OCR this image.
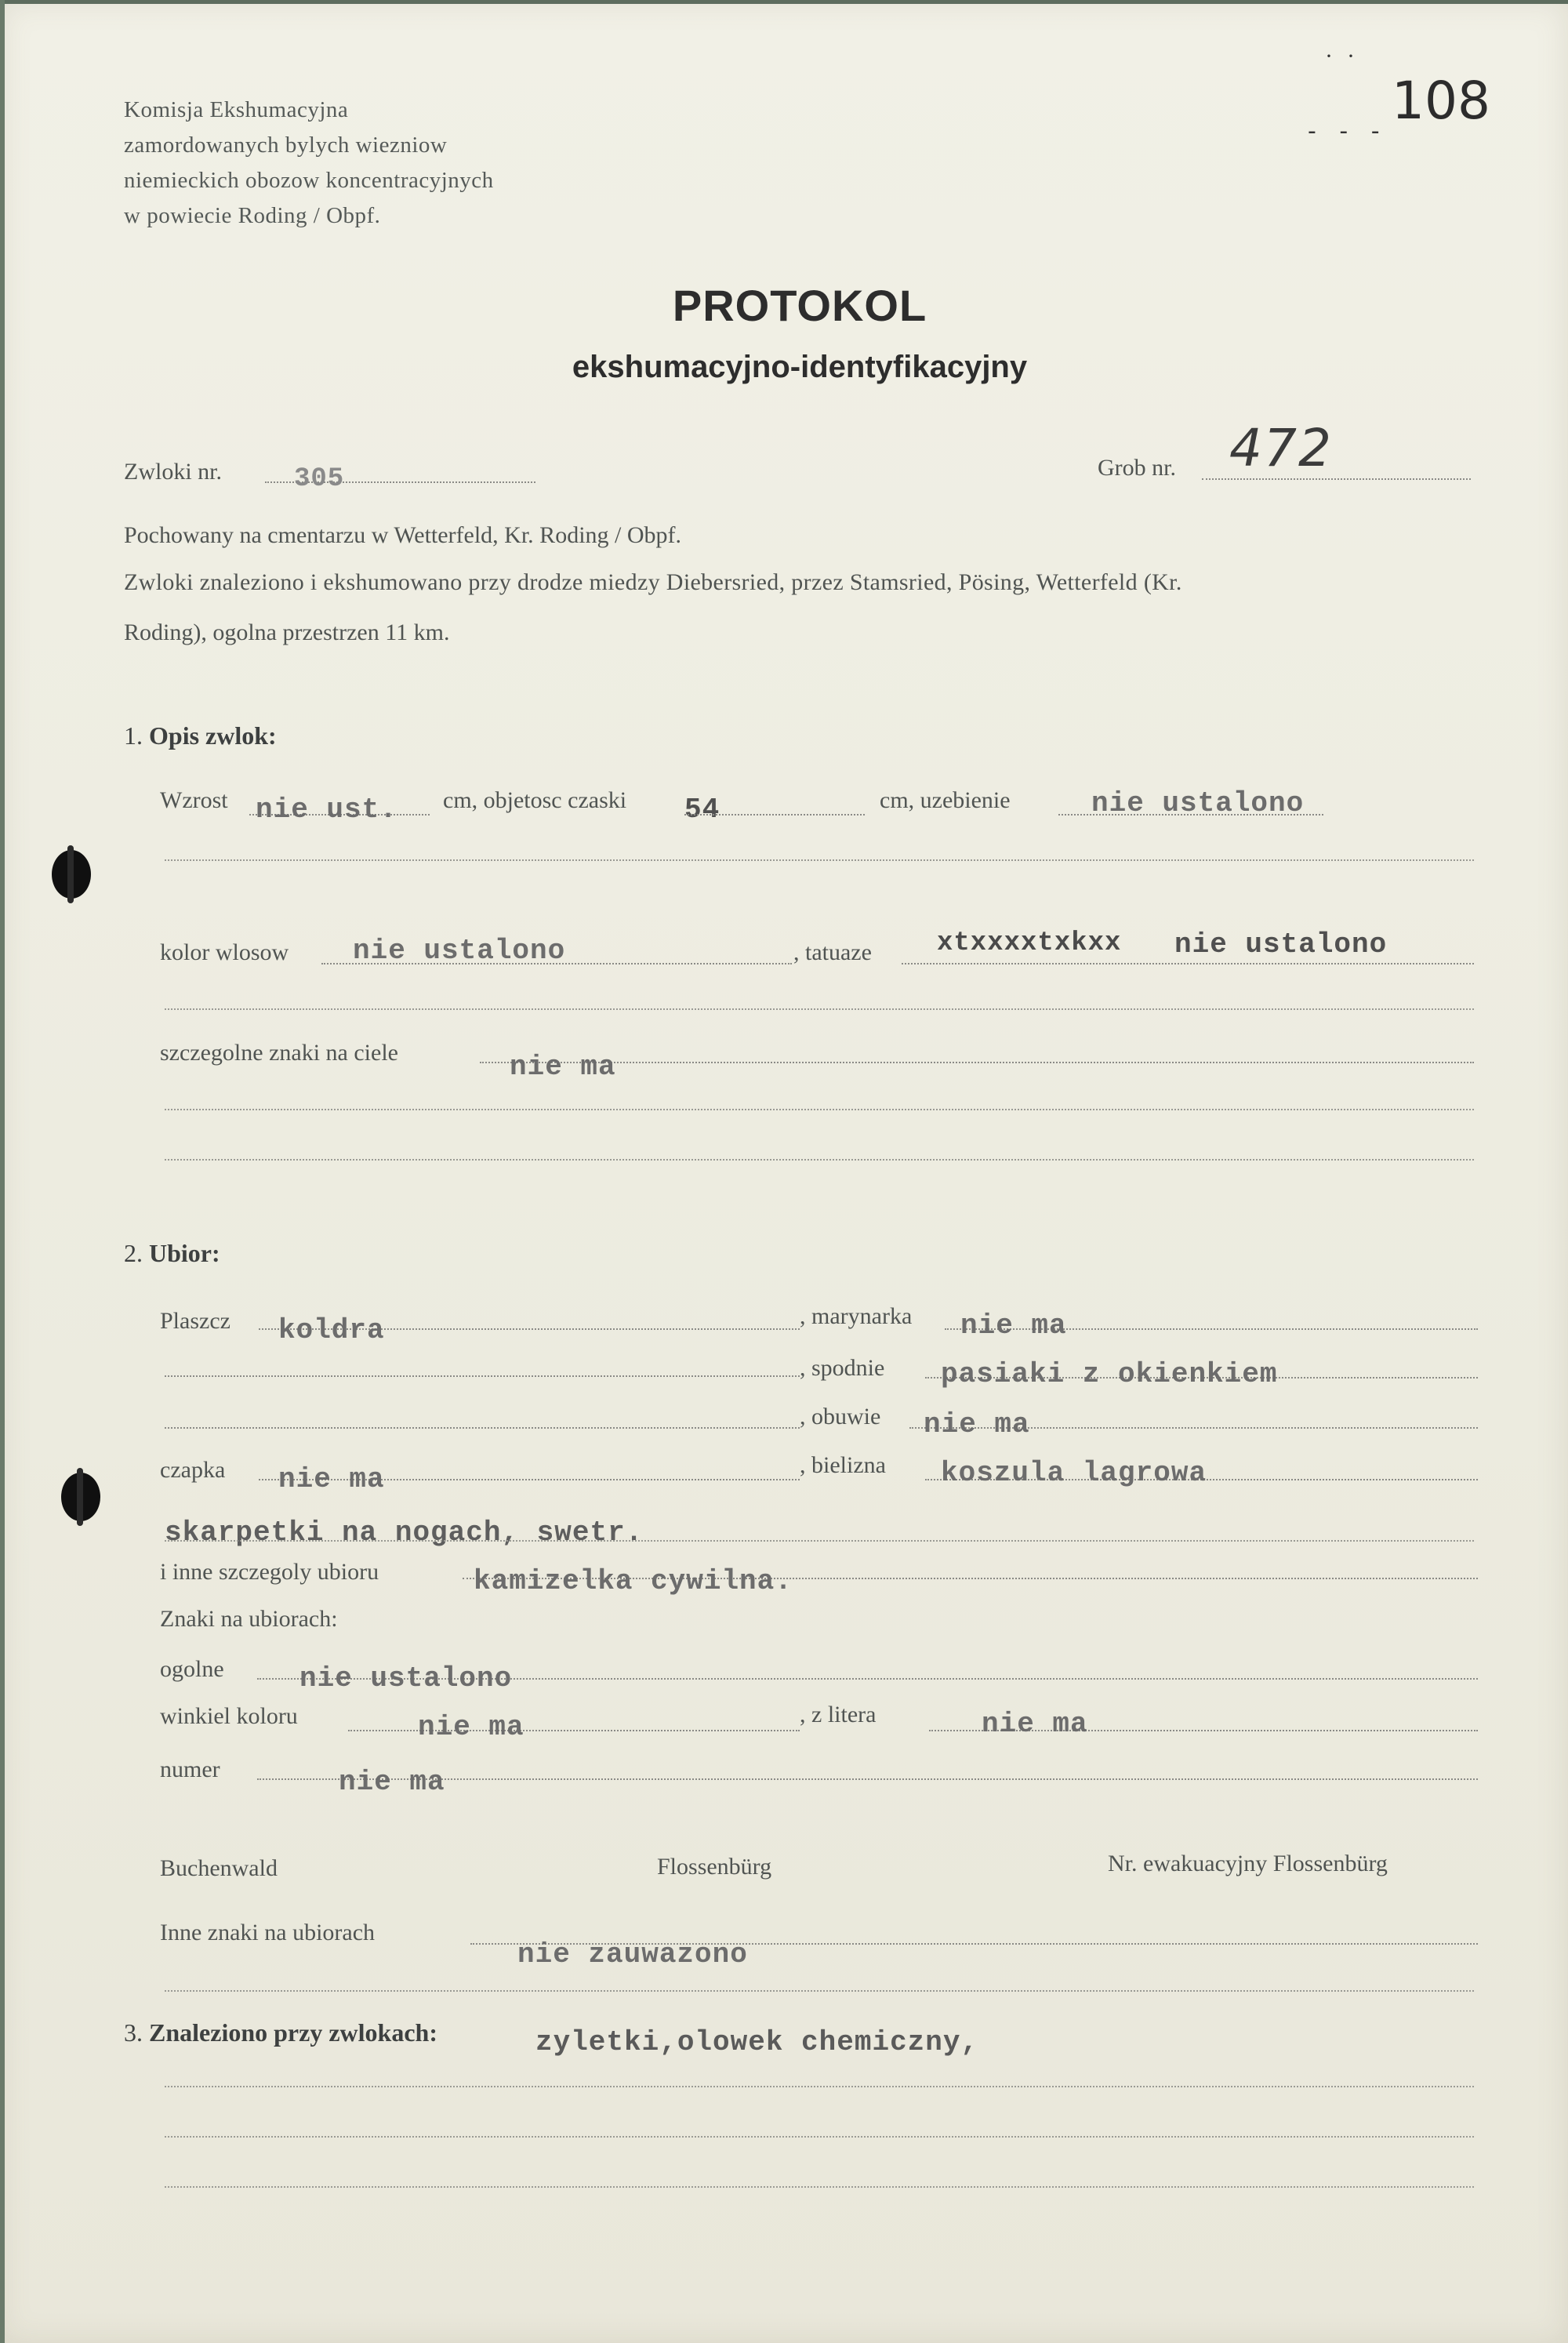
Komisja Ekshumacyjna
zamordowanych bylych wiezniow
niemieckich obozow koncentracyjnych
w powiecie Roding / Obpf.
··
108
- - -
PROTOKOL
ekshumacyjno-identyfikacyjny
Zwloki nr.	305	Grob nr. 472
Pochowany na cmentarzu w Wetterfeld, Kr. Roding / Obpf.
Zwloki znaleziono i ekshumowano przy drodze miedzy Diebersried, przez Stamsried, Pösing, Wetterfeld (Kr.
Roding), ogolna przestrzen 11 km.
1. Opis zwlok:
Wzrost nie ust. cm, objetosc czaski 54	cm, uzebienie	nie ustalono
kolor wlosow nie ustalono	, tatuaze xtxxxxtxkxx nie ustalono
szczegolne znaki na ciele	nie ma
2. Ubior:
Plaszcz koldra	, marynarka nie ma
, spodnie pasiaki z okienkiem
, obuwie nie ma
czapka nie ma	, bielizna koszula lagrowa
skarpetki na nogach, swetr.
i inne szczegoly ubioru	kamizelka cywilna.
Znaki na ubiorach:
ogolne	nie ustalono
winkiel koloru	nie ma	, z litera	nie ma
numer	nie ma
Buchenwald	Flossenbürg	Nr. ewakuacyjny Flossenbürg
Inne znaki na ubiorach
nie zauwazono
3. Znaleziono przy zwlokach:	zyletki,olowek chemiczny,
